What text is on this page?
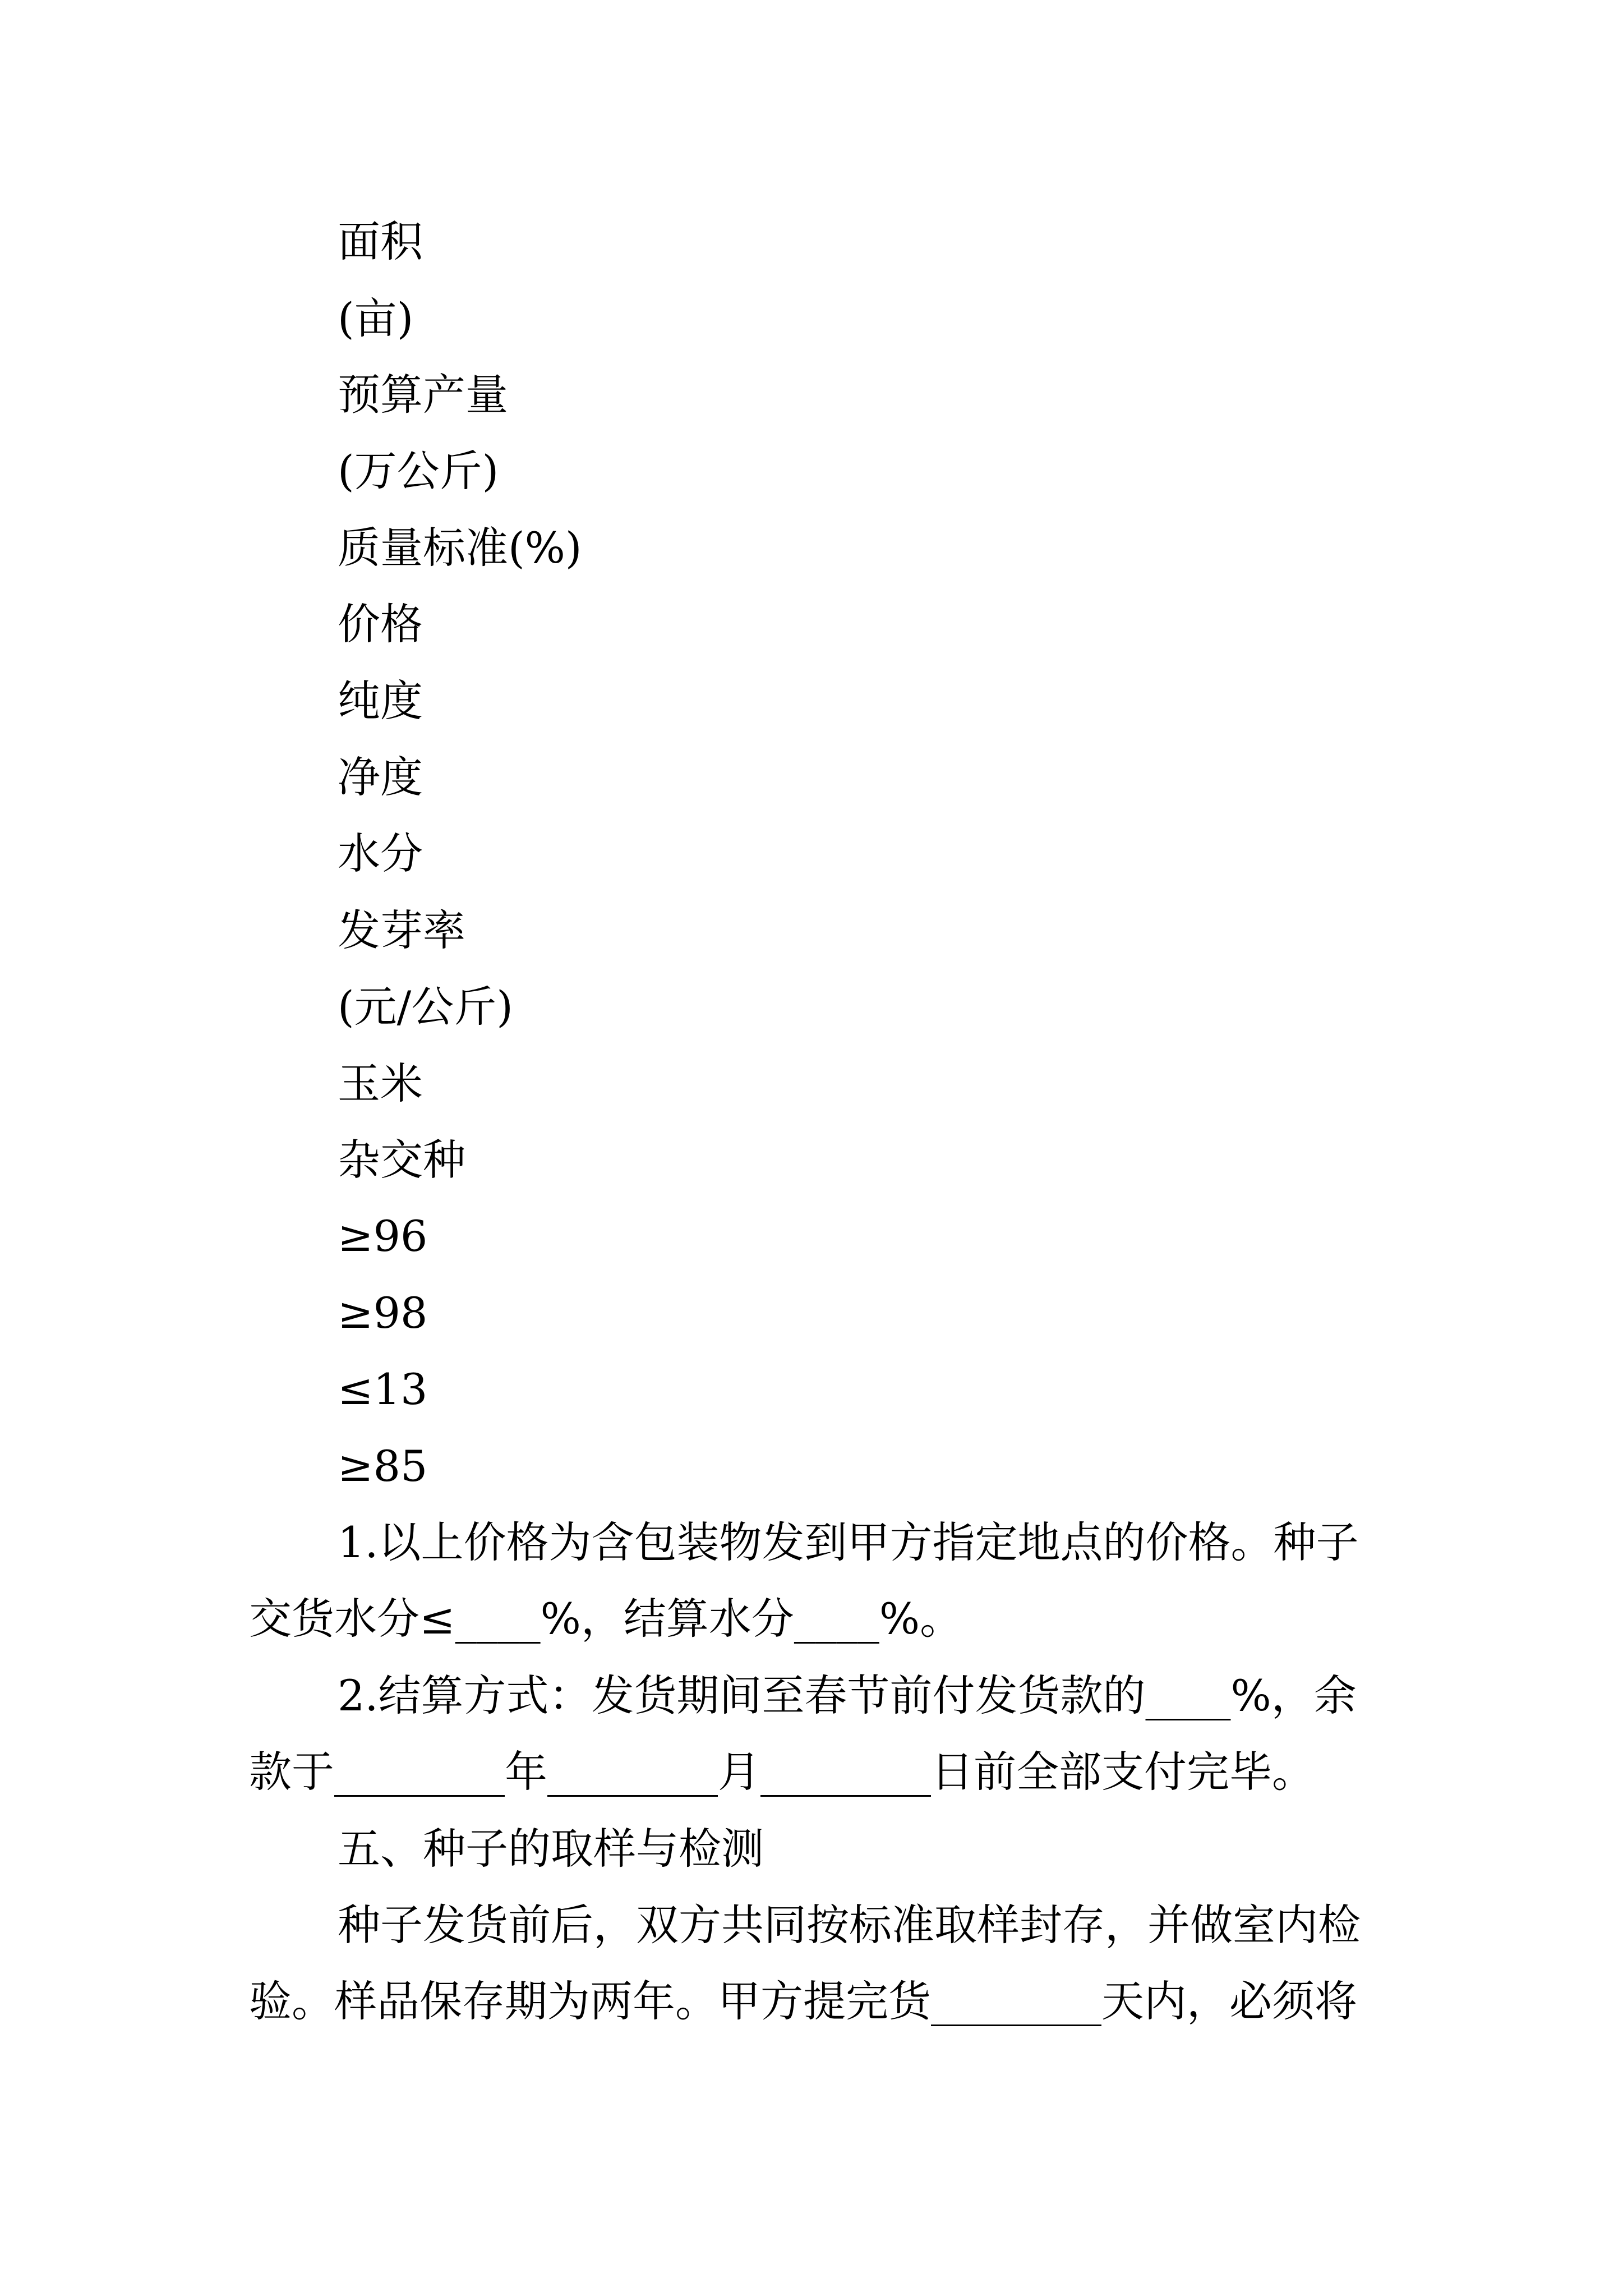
面积
(亩)
预算产量
(万公斤)
质量标准(%)
价格
纯度
净度
水分
发芽率
(元/公斤)
玉米
杂交种
≥96
≥98
≤13
≥85
1.以上价格为含包装物发到甲方指定地点的价格。种子
交货水分≤____%，结算水分____%。
2.结算方式：发货期间至春节前付发货款的____%，余
款于________年________月________日前全部支付完毕。
五、种子的取样与检测
种子发货前后，双方共同按标准取样封存，并做室内检
验。样品保存期为两年。甲方提完货________天内，必须将
